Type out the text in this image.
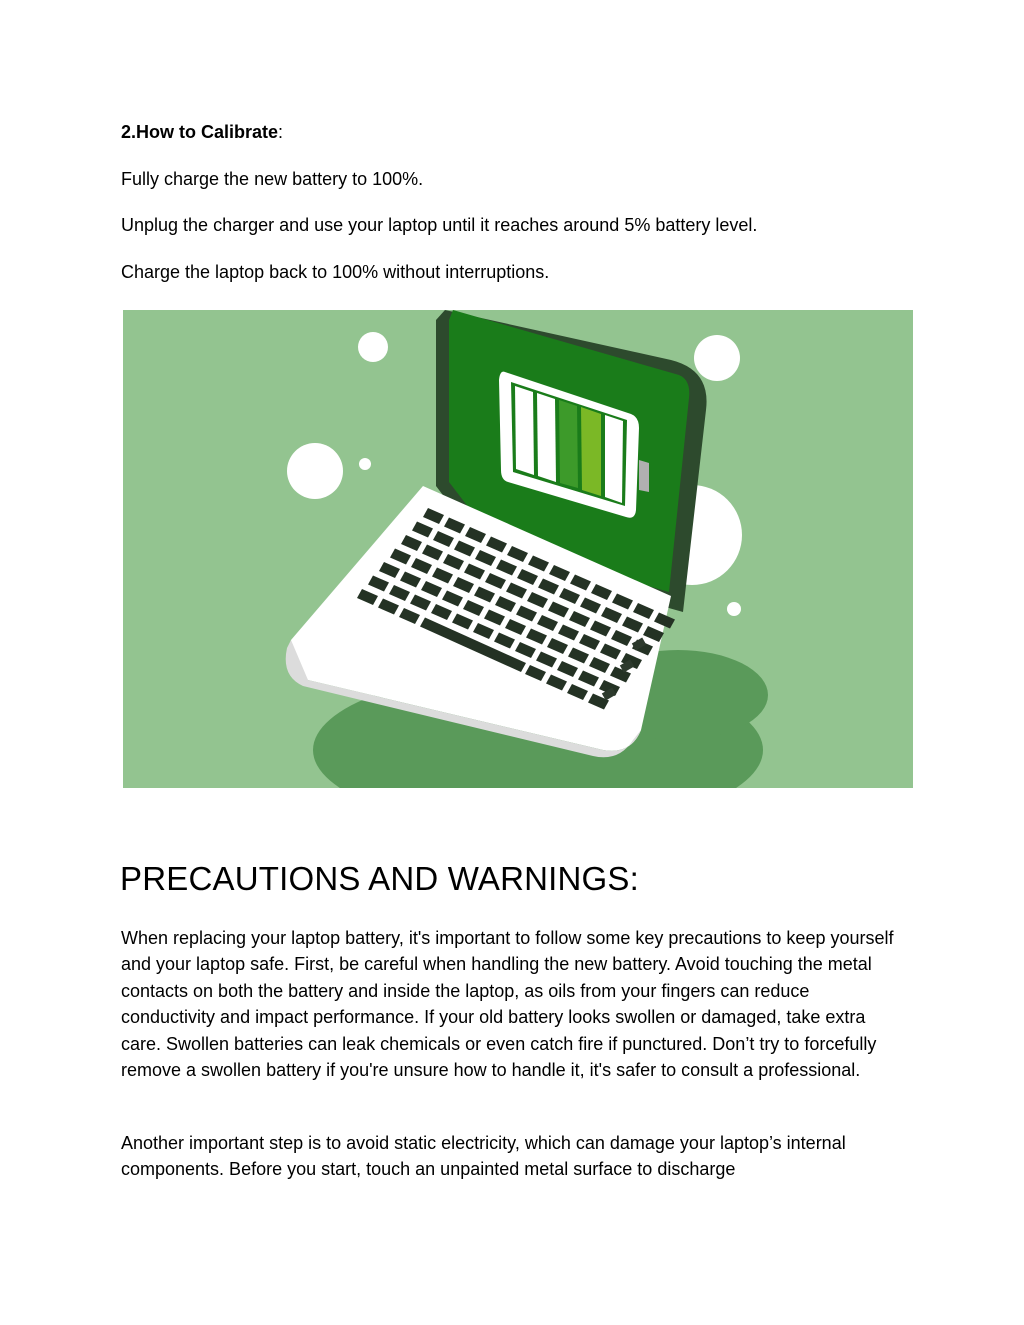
2.How to Calibrate:

Fully charge the new battery to 100%.

Unplug the charger and use your laptop until it reaches around 5% battery level.

Charge the laptop back to 100% without interruptions.

PRECAUTIONS AND WARNINGS:

When replacing your laptop battery, it's important to follow some key precautions to keep yourself and your laptop safe. First, be careful when handling the new battery. Avoid touching the metal contacts on both the battery and inside the laptop, as oils from your fingers can reduce conductivity and impact performance. If your old battery looks swollen or damaged, take extra care. Swollen batteries can leak chemicals or even catch fire if punctured. Don’t try to forcefully remove a swollen battery if you're unsure how to handle it, it's safer to consult a professional.

Another important step is to avoid static electricity, which can damage your laptop’s internal components. Before you start, touch an unpainted metal surface to discharge
